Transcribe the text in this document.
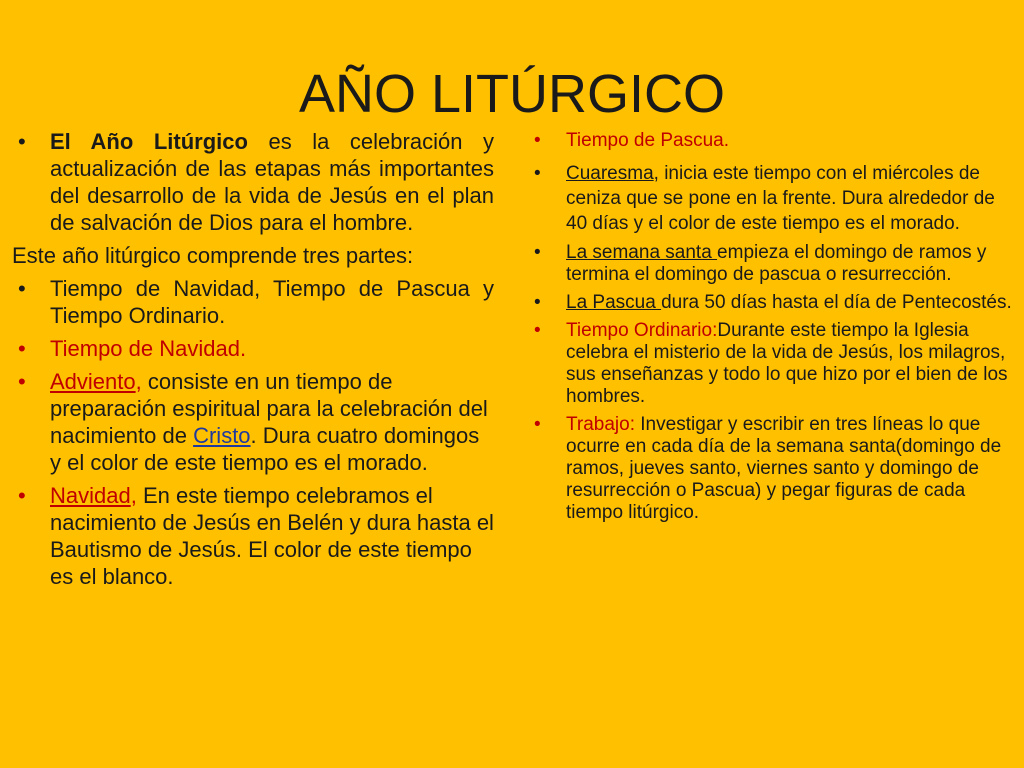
AÑO LITÚRGICO

• El Año Litúrgico es la celebración y actualización de las etapas más importantes del desarrollo de la vida de Jesús en el plan de salvación de Dios para el hombre.

Este año litúrgico comprende tres partes:

• Tiempo de Navidad, Tiempo de Pascua y Tiempo Ordinario.

• Tiempo de Navidad.

• Adviento, consiste en un tiempo de preparación espiritual para la celebración del nacimiento de Cristo. Dura cuatro domingos y el color de este tiempo es el morado.

• Navidad, En este tiempo celebramos el nacimiento de Jesús en Belén y dura hasta el Bautismo de Jesús. El color de este tiempo es el blanco.

• Tiempo de Pascua.

• Cuaresma, inicia este tiempo con el miércoles de ceniza que se pone en la frente. Dura alrededor de 40 días y el color de este tiempo es el morado.

• La semana santa empieza el domingo de ramos y termina el domingo de pascua o resurrección.

• La Pascua dura 50 días hasta el día de Pentecostés.

• Tiempo Ordinario:Durante este tiempo la Iglesia celebra el misterio de la vida de Jesús, los milagros, sus enseñanzas y todo lo que hizo por el bien de los hombres.

• Trabajo: Investigar y escribir en tres líneas lo que ocurre en cada día de la semana santa(domingo de ramos, jueves santo, viernes santo y domingo de resurrección o Pascua) y pegar figuras de cada tiempo litúrgico.
